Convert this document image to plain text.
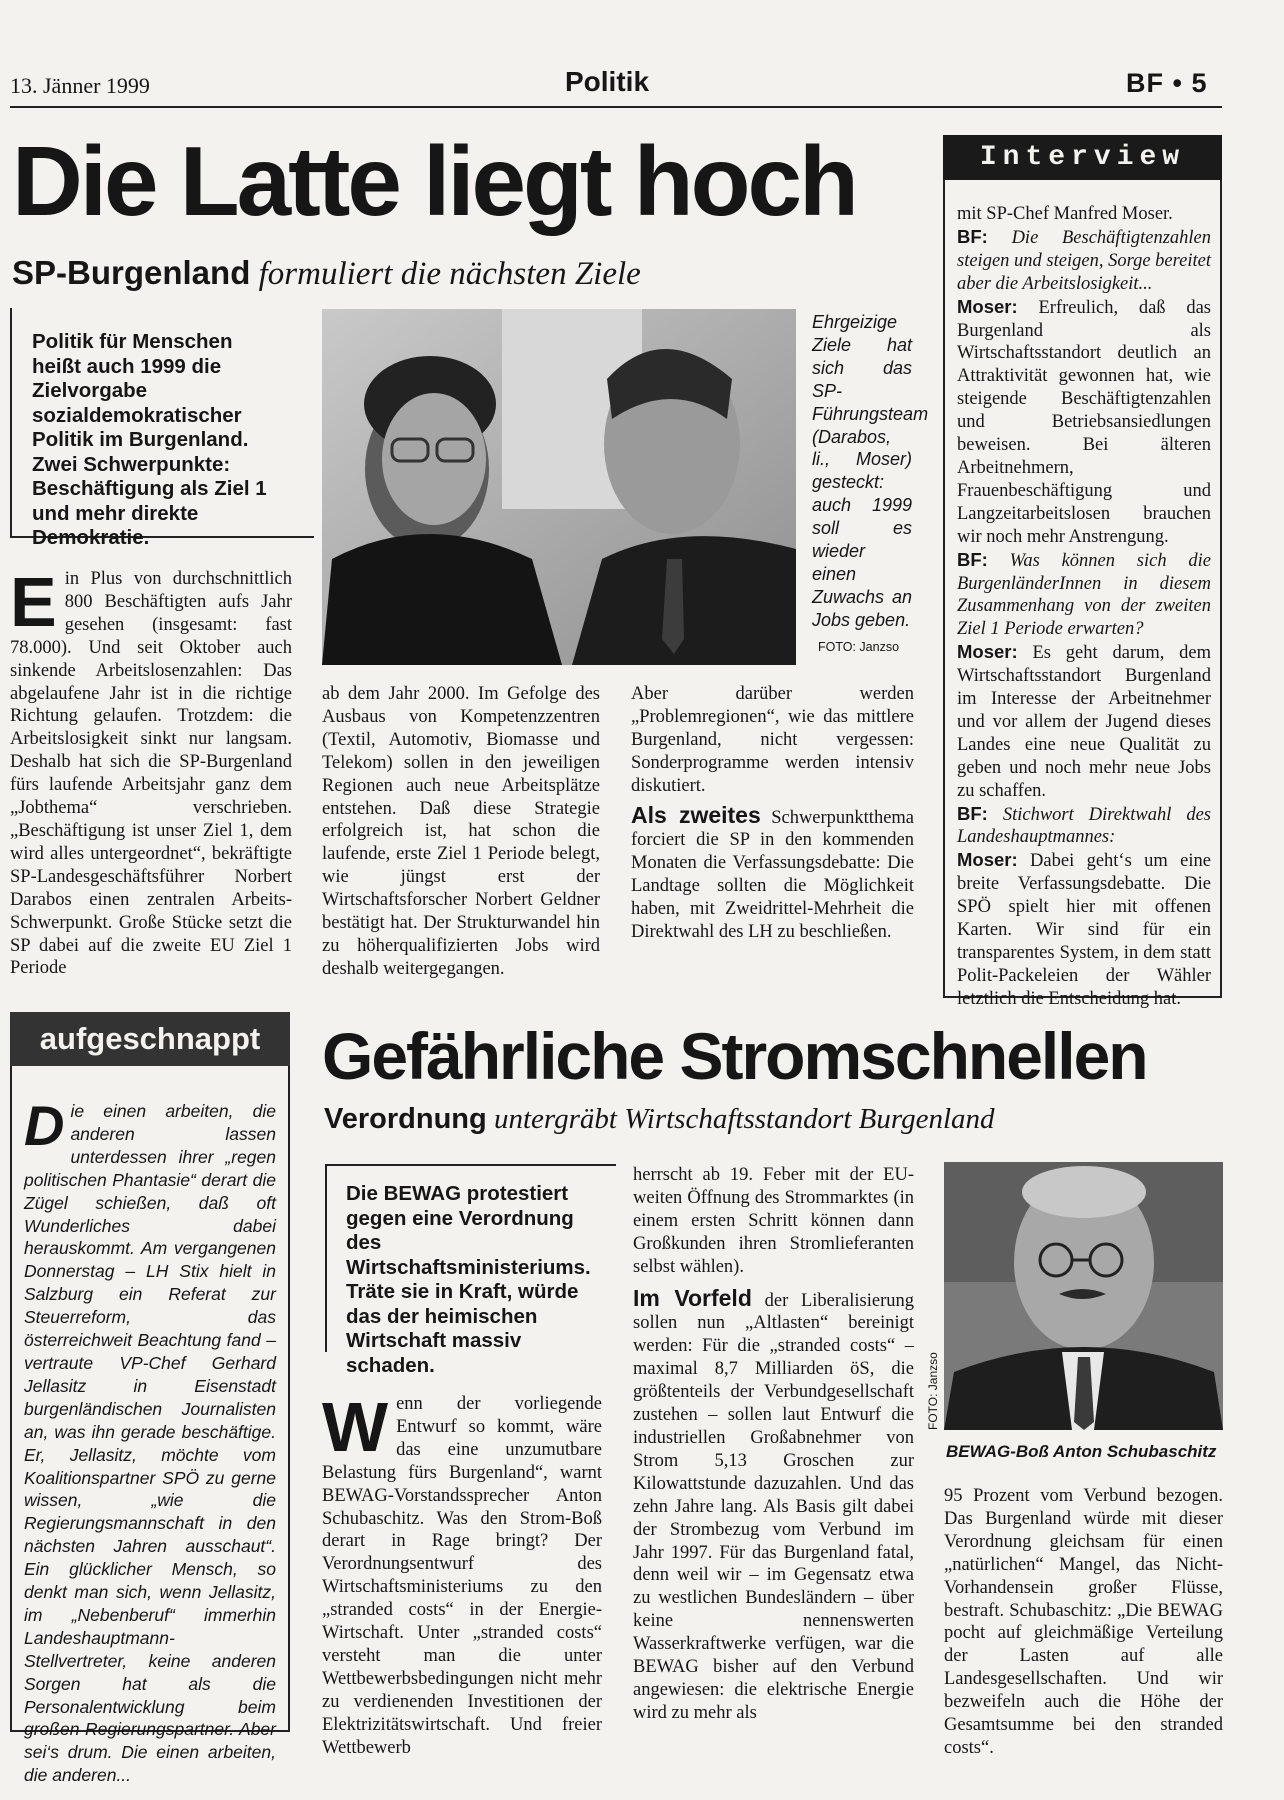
13. Jänner 1999	Politik	BF • 5
Die Latte liegt hoch
SP-Burgenland formuliert die nächsten Ziele
Politik für Menschen heißt auch 1999 die Zielvorgabe sozialdemokratischer Politik im Burgenland. Zwei Schwerpunkte: Beschäftigung als Ziel 1 und mehr direkte Demokratie.
Ehrgeizige Ziele hat sich das SP-Führungsteam (Darabos, li., Moser) gesteckt: auch 1999 soll es wieder einen Zuwachs an Jobs geben.
FOTO: Janzso
Ein Plus von durchschnittlich 800 Beschäftigten aufs Jahr gesehen (insgesamt: fast 78.000). Und seit Oktober auch sinkende Arbeitslosenzahlen: Das abgelaufene Jahr ist in die richtige Richtung gelaufen. Trotzdem: die Arbeitslosigkeit sinkt nur langsam. Deshalb hat sich die SP-Burgenland fürs laufende Arbeitsjahr ganz dem „Jobthema“ verschrieben. „Beschäftigung ist unser Ziel 1, dem wird alles untergeordnet“, bekräftigte SP-Landesgeschäftsführer Norbert Darabos einen zentralen Arbeits-Schwerpunkt. Große Stücke setzt die SP dabei auf die zweite EU Ziel 1 Periode
ab dem Jahr 2000. Im Gefolge des Ausbaus von Kompetenzzentren (Textil, Automotiv, Biomasse und Telekom) sollen in den jeweiligen Regionen auch neue Arbeitsplätze entstehen. Daß diese Strategie erfolgreich ist, hat schon die laufende, erste Ziel 1 Periode belegt, wie jüngst erst der Wirtschaftsforscher Norbert Geldner bestätigt hat. Der Strukturwandel hin zu höherqualifizierten Jobs wird deshalb weitergegangen.

Aber darüber werden „Problemregionen“, wie das mittlere Burgenland, nicht vergessen: Sonderprogramme werden intensiv diskutiert.

Als zweites Schwerpunktthema forciert die SP in den kommenden Monaten die Verfassungsdebatte: Die Landtage sollten die Möglichkeit haben, mit Zweidrittel-Mehrheit die Direktwahl des LH zu beschließen.

Interview

mit SP-Chef Manfred Moser.

BF: Die Beschäftigtenzahlen steigen und steigen, Sorge bereitet aber die Arbeitslosigkeit...

Moser: Erfreulich, daß das Burgenland als Wirtschaftsstandort deutlich an Attraktivität gewonnen hat, wie steigende Beschäftigtenzahlen und Betriebsansiedlungen beweisen. Bei älteren Arbeitnehmern, Frauenbeschäftigung und Langzeitarbeitslosen brauchen wir noch mehr Anstrengung.

BF: Was können sich die BurgenländerInnen in diesem Zusammenhang von der zweiten Ziel 1 Periode erwarten?

Moser: Es geht darum, dem Wirtschaftsstandort Burgenland im Interesse der Arbeitnehmer und vor allem der Jugend dieses Landes eine neue Qualität zu geben und noch mehr neue Jobs zu schaffen.

BF: Stichwort Direktwahl des Landeshauptmannes:

Moser: Dabei geht‘s um eine breite Verfassungsdebatte. Die SPÖ spielt hier mit offenen Karten. Wir sind für ein transparentes System, in dem statt Polit-Packeleien der Wähler letztlich die Entscheidung hat.

aufgeschnappt
Die einen arbeiten, die anderen lassen unterdessen ihrer „regen politischen Phantasie“ derart die Zügel schießen, daß oft Wunderliches dabei herauskommt. Am vergangenen Donnerstag – LH Stix hielt in Salzburg ein Referat zur Steuerreform, das österreichweit Beachtung fand – vertraute VP-Chef Gerhard Jellasitz in Eisenstadt burgenländischen Journalisten an, was ihn gerade beschäftige. Er, Jellasitz, möchte vom Koalitionspartner SPÖ zu gerne wissen, „wie die Regierungsmannschaft in den nächsten Jahren ausschaut“. Ein glücklicher Mensch, so denkt man sich, wenn Jellasitz, im „Nebenberuf“ immerhin Landeshauptmann-Stellvertreter, keine anderen Sorgen hat als die Personalentwicklung beim großen Regierungspartner. Aber sei‘s drum. Die einen arbeiten, die anderen...
Gefährliche Stromschnellen
Verordnung untergräbt Wirtschaftsstandort Burgenland
Die BEWAG protestiert gegen eine Verordnung des Wirtschaftsministeriums. Träte sie in Kraft, würde das der heimischen Wirtschaft massiv schaden.
Wenn der vorliegende Entwurf so kommt, wäre das eine unzumutbare Belastung fürs Burgenland“, warnt BEWAG-Vorstandssprecher Anton Schubaschitz. Was den Strom-Boß derart in Rage bringt? Der Verordnungsentwurf des Wirtschaftsministeriums zu den „stranded costs“ in der Energie-Wirtschaft. Unter „stranded costs“ versteht man die unter Wettbewerbsbedingungen nicht mehr zu verdienenden Investitionen der Elektrizitätswirtschaft. Und freier Wettbewerb

herrscht ab 19. Feber mit der EU-weiten Öffnung des Strommarktes (in einem ersten Schritt können dann Großkunden ihren Stromlieferanten selbst wählen).

Im Vorfeld der Liberalisierung sollen nun „Altlasten“ bereinigt werden: Für die „stranded costs“ – maximal 8,7 Milliarden öS, die größtenteils der Verbundgesellschaft zustehen – sollen laut Entwurf die industriellen Großabnehmer von Strom 5,13 Groschen zur Kilowattstunde dazuzahlen. Und das zehn Jahre lang. Als Basis gilt dabei der Strombezug vom Verbund im Jahr 1997. Für das Burgenland fatal, denn weil wir – im Gegensatz etwa zu westlichen Bundesländern – über keine nennenswerten Wasserkraftwerke verfügen, war die BEWAG bisher auf den Verbund angewiesen: die elektrische Energie wird zu mehr als

FOTO: Janzso
BEWAG-Boß Anton Schubaschitz
95 Prozent vom Verbund bezogen. Das Burgenland würde mit dieser Verordnung gleichsam für einen „natürlichen“ Mangel, das Nicht-Vorhandensein großer Flüsse, bestraft. Schubaschitz: „Die BEWAG pocht auf gleichmäßige Verteilung der Lasten auf alle Landesgesellschaften. Und wir bezweifeln auch die Höhe der Gesamtsumme bei den stranded costs“.
